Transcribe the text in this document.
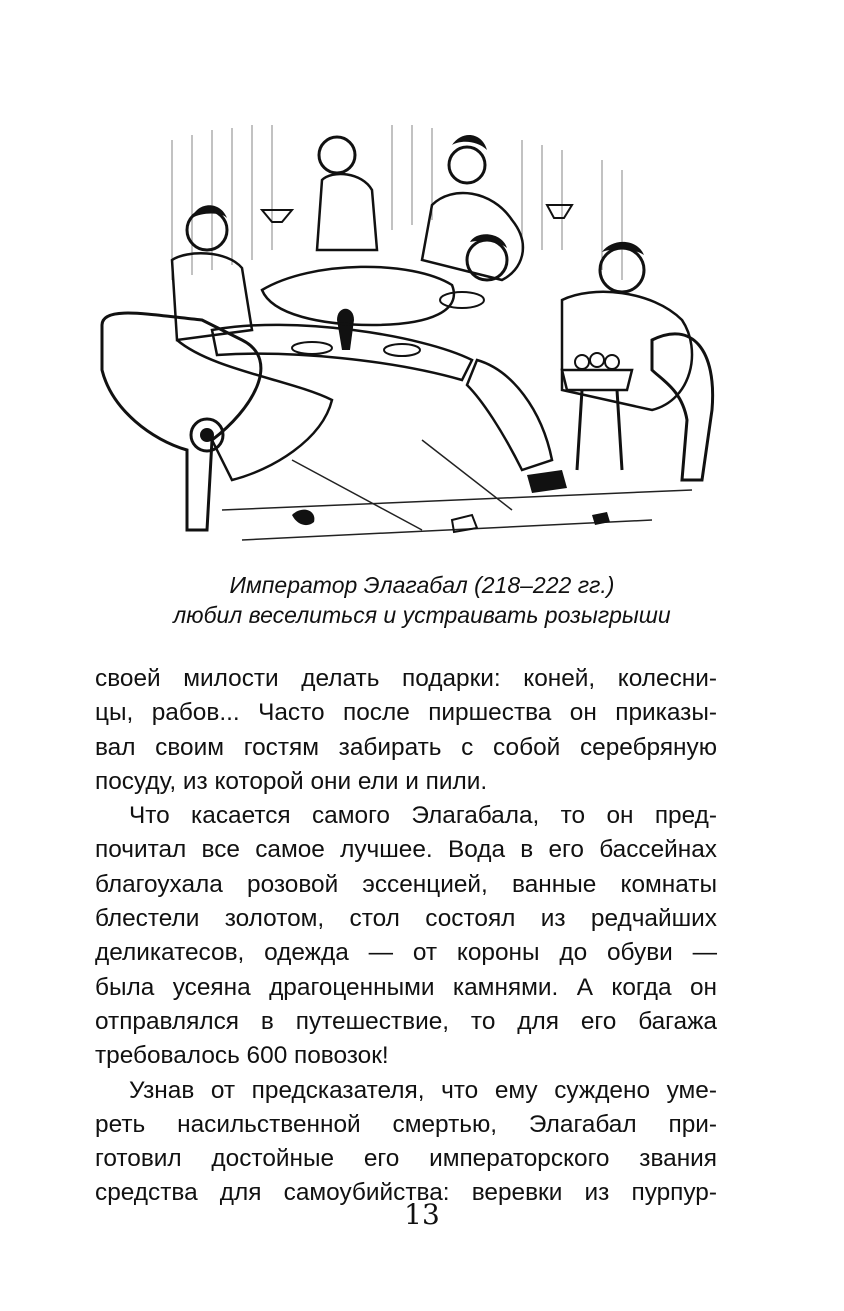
Император Элагабал (218–222 гг.)
любил веселиться и устраивать розыгрыши
своей милости делать подарки: коней, колесни-
цы, рабов... Часто после пиршества он приказы-
вал своим гостям забирать с собой серебряную
посуду, из которой они ели и пили.
Что касается самого Элагабала, то он пред-
почитал все самое лучшее. Вода в его бассейнах
благоухала розовой эссенцией, ванные комнаты
блестели золотом, стол состоял из редчайших
деликатесов, одежда — от короны до обуви —
была усеяна драгоценными камнями. А когда он
отправлялся в путешествие, то для его багажа
требовалось 600 повозок!
Узнав от предсказателя, что ему суждено уме-
реть насильственной смертью, Элагабал при-
готовил достойные его императорского звания
средства для самоубийства: веревки из пурпур-
13
